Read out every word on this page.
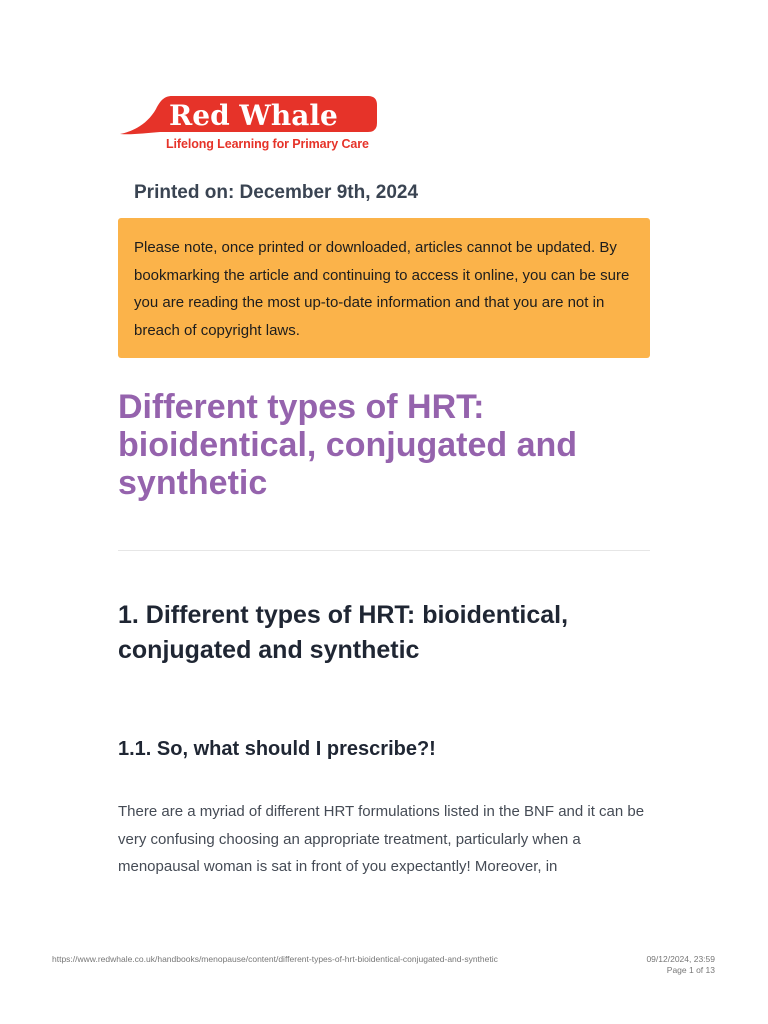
Red Whale
Lifelong Learning for Primary Care
Printed on: December 9th, 2024
Please note, once printed or downloaded, articles cannot be updated. By bookmarking the article and continuing to access it online, you can be sure you are reading the most up-to-date information and that you are not in breach of copyright laws.
Different types of HRT: bioidentical, conjugated and synthetic
1. Different types of HRT: bioidentical, conjugated and synthetic
1.1. So, what should I prescribe?!

There are a myriad of different HRT formulations listed in the BNF and it can be very confusing choosing an appropriate treatment, particularly when a menopausal woman is sat in front of you expectantly! Moreover, in

https://www.redwhale.co.uk/handbooks/menopause/content/different-types-of-hrt-bioidentical-conjugated-and-synthetic	09/12/2024, 23:59
Page 1 of 13
